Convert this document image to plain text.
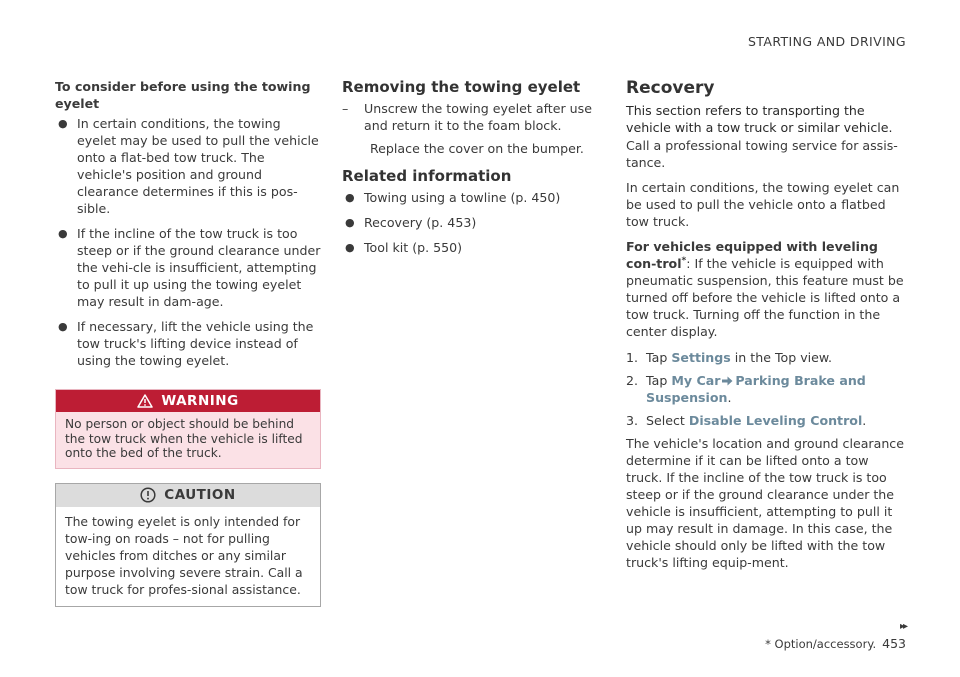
STARTING AND DRIVING
To consider before using the towing eyelet
● In certain conditions, the towing eyelet may be used to pull the vehicle onto a flat-bed tow truck. The vehicle's position and ground clearance determines if this is pos-sible.
● If the incline of the tow truck is too steep or if the ground clearance under the vehi-cle is insufficient, attempting to pull it up using the towing eyelet may result in dam-age.
● If necessary, lift the vehicle using the tow truck's lifting device instead of using the towing eyelet.
WARNING
No person or object should be behind the tow truck when the vehicle is lifted onto the bed of the truck.
CAUTION
The towing eyelet is only intended for tow-ing on roads – not for pulling vehicles from ditches or any similar purpose involving severe strain. Call a tow truck for profes-sional assistance.
Removing the towing eyelet
– Unscrew the towing eyelet after use and return it to the foam block.

Replace the cover on the bumper.

Related information
● Towing using a towline (p. 450)
● Recovery (p. 453)
● Tool kit (p. 550)
Recovery

This section refers to transporting the vehicle with a tow truck or similar vehicle.

Call a professional towing service for assis-tance.

In certain conditions, the towing eyelet can be used to pull the vehicle onto a flatbed tow truck.

For vehicles equipped with leveling con-trol*: If the vehicle is equipped with pneumatic suspension, this feature must be turned off before the vehicle is lifted onto a tow truck. Turning off the function in the center display.

1. Tap Settings in the Top view.
2. Tap My Car Parking Brake and Suspension.
3. Select Disable Leveling Control.

The vehicle's location and ground clearance determine if it can be lifted onto a tow truck. If the incline of the tow truck is too steep or if the ground clearance under the vehicle is insufficient, attempting to pull it up may result in damage. In this case, the vehicle should only be lifted with the tow truck's lifting equip-ment.

▸▸
* Option/accessory. 453
